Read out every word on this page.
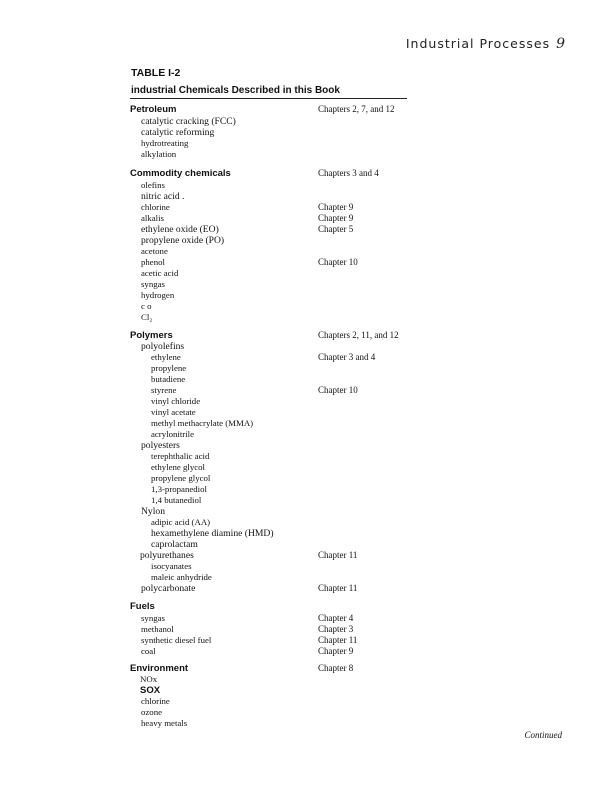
Industrial Processes 9
TABLE I-2
industrial Chemicals Described in this Book
Petroleum	Chapters 2, 7, and 12
catalytic cracking (FCC)
catalytic reforming
hydrotreating
alkylation
Commodity chemicals	Chapters 3 and 4
olefins
nitric acid .
chlorine	Chapter 9
alkalis	Chapter 9
ethylene oxide (EO)	Chapter 5
propylene oxide (PO)
acetone
phenol	Chapter 10
acetic acid
syngas
hydrogen
c o
Cl₂
Polymers	Chapters 2, 11, and 12
polyolefins
ethylene	Chapter 3 and 4
propylene
butadiene
styrene	Chapter 10
vinyl chloride
vinyl acetate
methyl methacrylate (MMA)
acrylonitrile
polyesters
terephthalic acid
ethylene glycol
propylene glycol
1,3-propanediol
1,4 butanediol
Nylon
adipic acid (AA)
hexamethylene diamine (HMD)
caprolactam
polyurethanes	Chapter 11
isocyanates
maleic anhydride
polycarbonate	Chapter 11
Fuels
syngas	Chapter 4
methanol	Chapter 3
synthetic diesel fuel	Chapter 11
coal	Chapter 9
Environment	Chapter 8
NOx
SOX
chlorine
ozone
heavy metals
Continued
